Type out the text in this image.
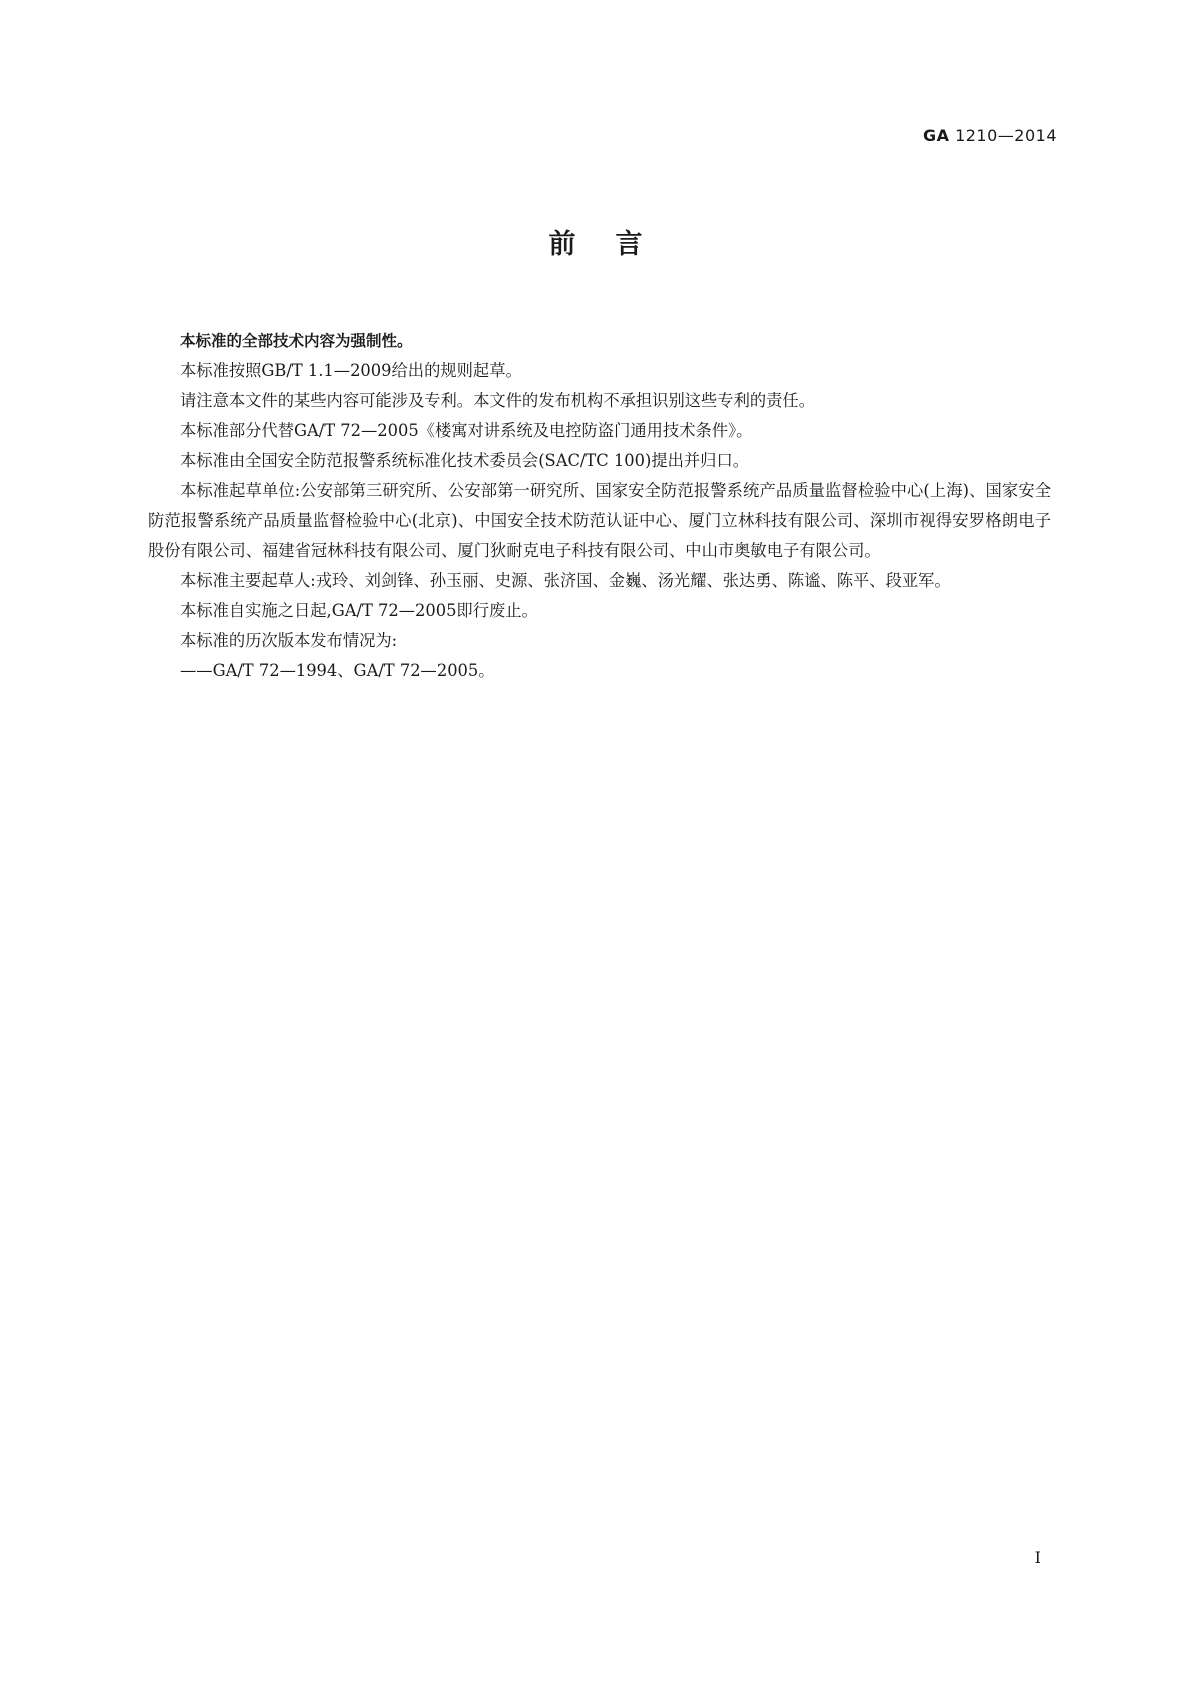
GA 1210—2014
前言

本标准的全部技术内容为强制性。

本标准按照GB/T 1.1—2009给出的规则起草。

请注意本文件的某些内容可能涉及专利。本文件的发布机构不承担识别这些专利的责任。

本标准部分代替GA/T 72—2005《楼寓对讲系统及电控防盗门通用技术条件》。

本标准由全国安全防范报警系统标准化技术委员会(SAC/TC 100)提出并归口。

本标准起草单位:公安部第三研究所、公安部第一研究所、国家安全防范报警系统产品质量监督检验中心(上海)、国家安全防范报警系统产品质量监督检验中心(北京)、中国安全技术防范认证中心、厦门立林科技有限公司、深圳市视得安罗格朗电子股份有限公司、福建省冠林科技有限公司、厦门狄耐克电子科技有限公司、中山市奥敏电子有限公司。

本标准主要起草人:戎玲、刘剑锋、孙玉丽、史源、张济国、金巍、汤光耀、张达勇、陈谧、陈平、段亚军。

本标准自实施之日起,GA/T 72—2005即行废止。

本标准的历次版本发布情况为:

——GA/T 72—1994、GA/T 72—2005。

I
